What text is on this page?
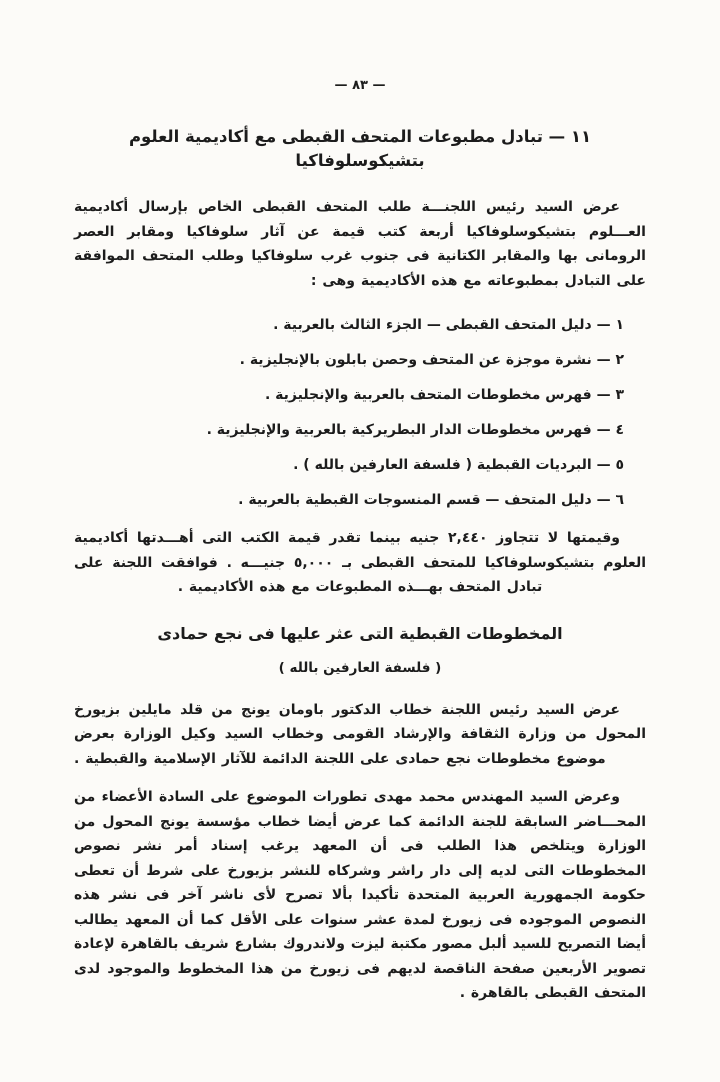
— ٨٣ —
١١ — تبادل مطبوعات المتحف القبطى مع أكاديمية العلوم بتشيكوسلوفاكيا

عرض السيد رئيس اللجنـــة طلب المتحف القبطى الخاص بإرسال أكاديمية العـــلوم بتشيكوسلوفاكيا أربعة كتب قيمة عن آثار سلوفاكيا ومقابر العصر الرومانى بها والمقابر الكتانية فى جنوب غرب سلوفاكيا وطلب المتحف الموافقة على التبادل بمطبوعاته مع هذه الأكاديمية وهى :

١ — دليل المتحف القبطى — الجزء الثالث بالعربية .
٢ — نشرة موجزة عن المتحف وحصن بابلون بالإنجليزية .
٣ — فهرس مخطوطات المتحف بالعربية والإنجليزية .
٤ — فهرس مخطوطات الدار البطريركية بالعربية والإنجليزية .
٥ — البرديات القبطية ( فلسفة العارفين بالله ) .
٦ — دليل المتحف — قسم المنسوجات القبطية بالعربية .

وقيمتها لا تتجاوز ٢,٤٤٠ جنيه بينما تقدر قيمة الكتب التى أهـــدتها أكاديمية العلوم بتشيكوسلوفاكيا للمتحف القبطى بـ ٥,٠٠٠ جنيـــه . فوافقت اللجنة على تبادل المتحف بهـــذه المطبوعات مع هذه الأكاديمية .

المخطوطات القبطية التى عثر عليها فى نجع حمادى
( فلسفة العارفين بالله )

عرض السيد رئيس اللجنة خطاب الدكتور باومان يونج من قلد مايلين بزيورخ المحول من وزارة الثقافة والإرشاد القومى وخطاب السيد وكيل الوزارة بعرض موضوع مخطوطات نجع حمادى على اللجنة الدائمة للآثار الإسلامية والقبطية .

وعرض السيد المهندس محمد مهدى تطورات الموضوع على السادة الأعضاء من المحـــاضر السابقة للجنة الدائمة كما عرض أيضا خطاب مؤسسة يونج المحول من الوزارة ويتلخص هذا الطلب فى أن المعهد يرغب إسناد أمر نشر نصوص المخطوطات التى لديه إلى دار راشر وشركاه للنشر بزيورخ على شرط أن تعطى حكومة الجمهورية العربية المتحدة تأكيدا بألا تصرح لأى ناشر آخر فى نشر هذه النصوص الموجوده فى زيورخ لمدة عشر سنوات على الأقل كما أن المعهد يطالب أيضا التصريح للسيد ألبل مصور مكتبة ليزت ولاندروك بشارع شريف بالقاهرة لإعادة تصوير الأربعين صفحة الناقصة لديهم فى زيورخ من هذا المخطوط والموجود لدى المتحف القبطى بالقاهرة .
